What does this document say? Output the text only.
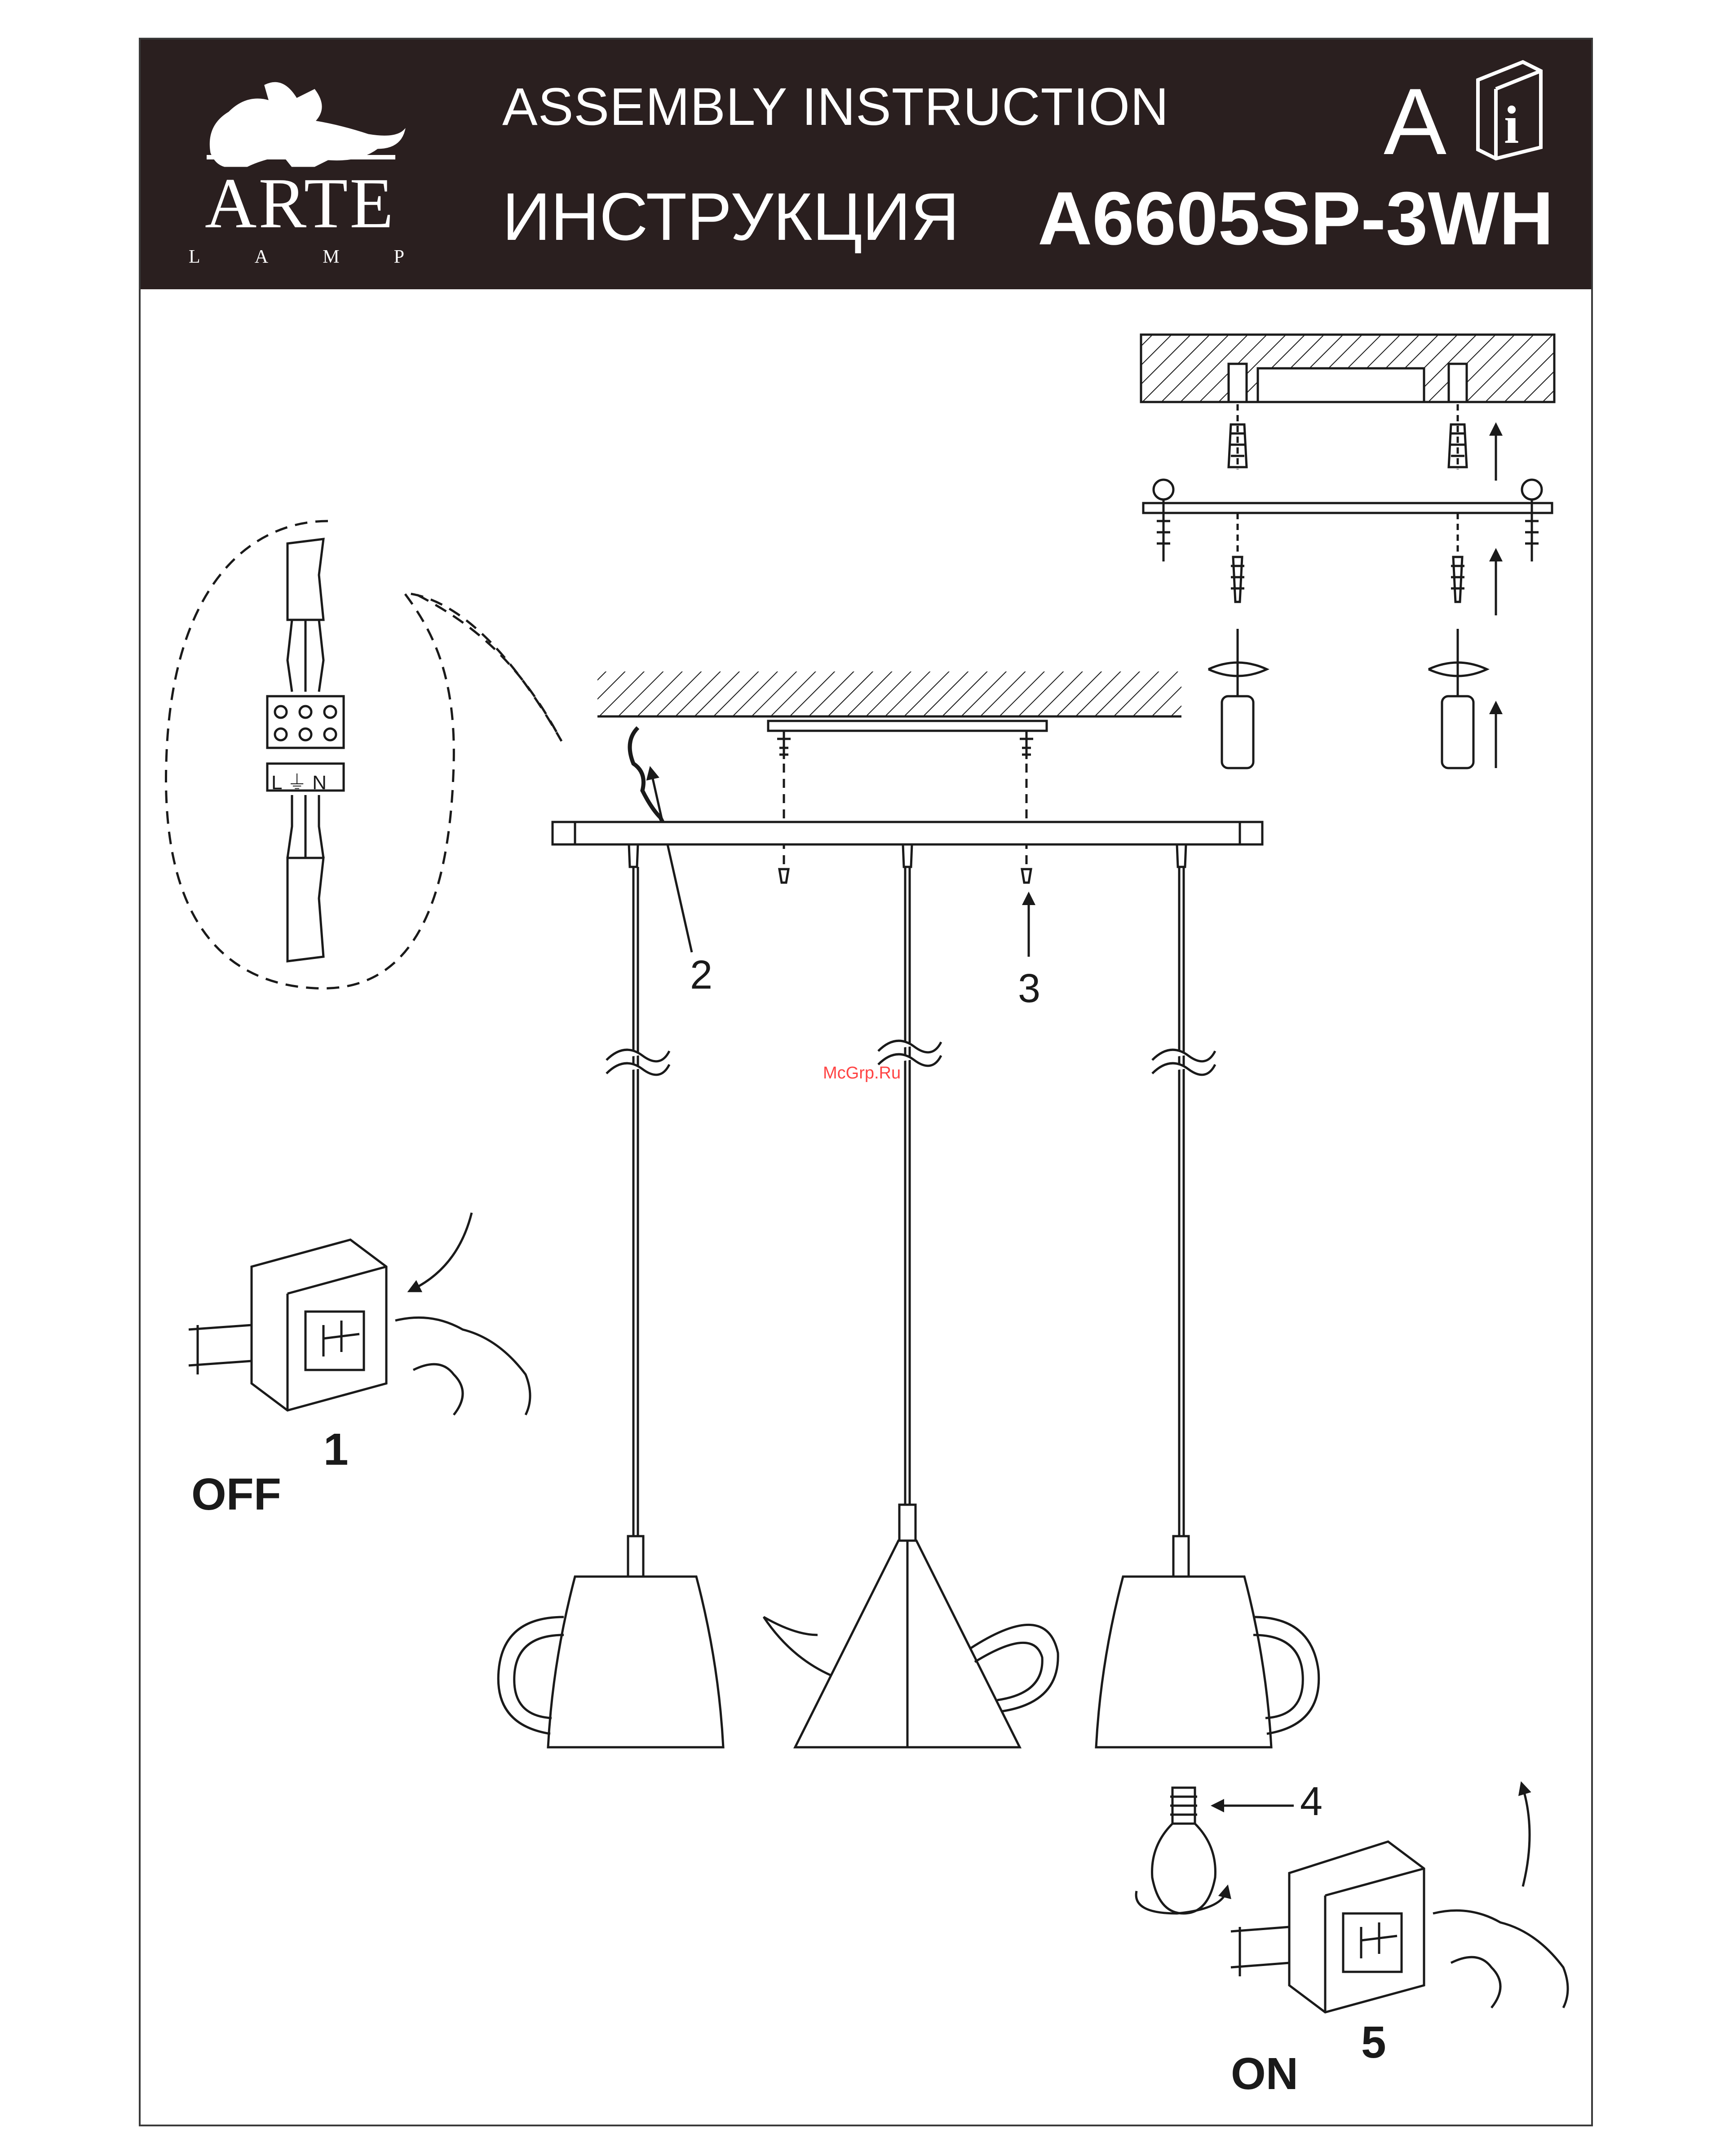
ARTE
L	A	M	P
ASSEMBLY INSTRUCTION
ИНСТРУКЦИЯ A6605SP-3WH
A i
2	3
4
1
OFF
5
ON
L ⏚ N
McGrp.Ru
